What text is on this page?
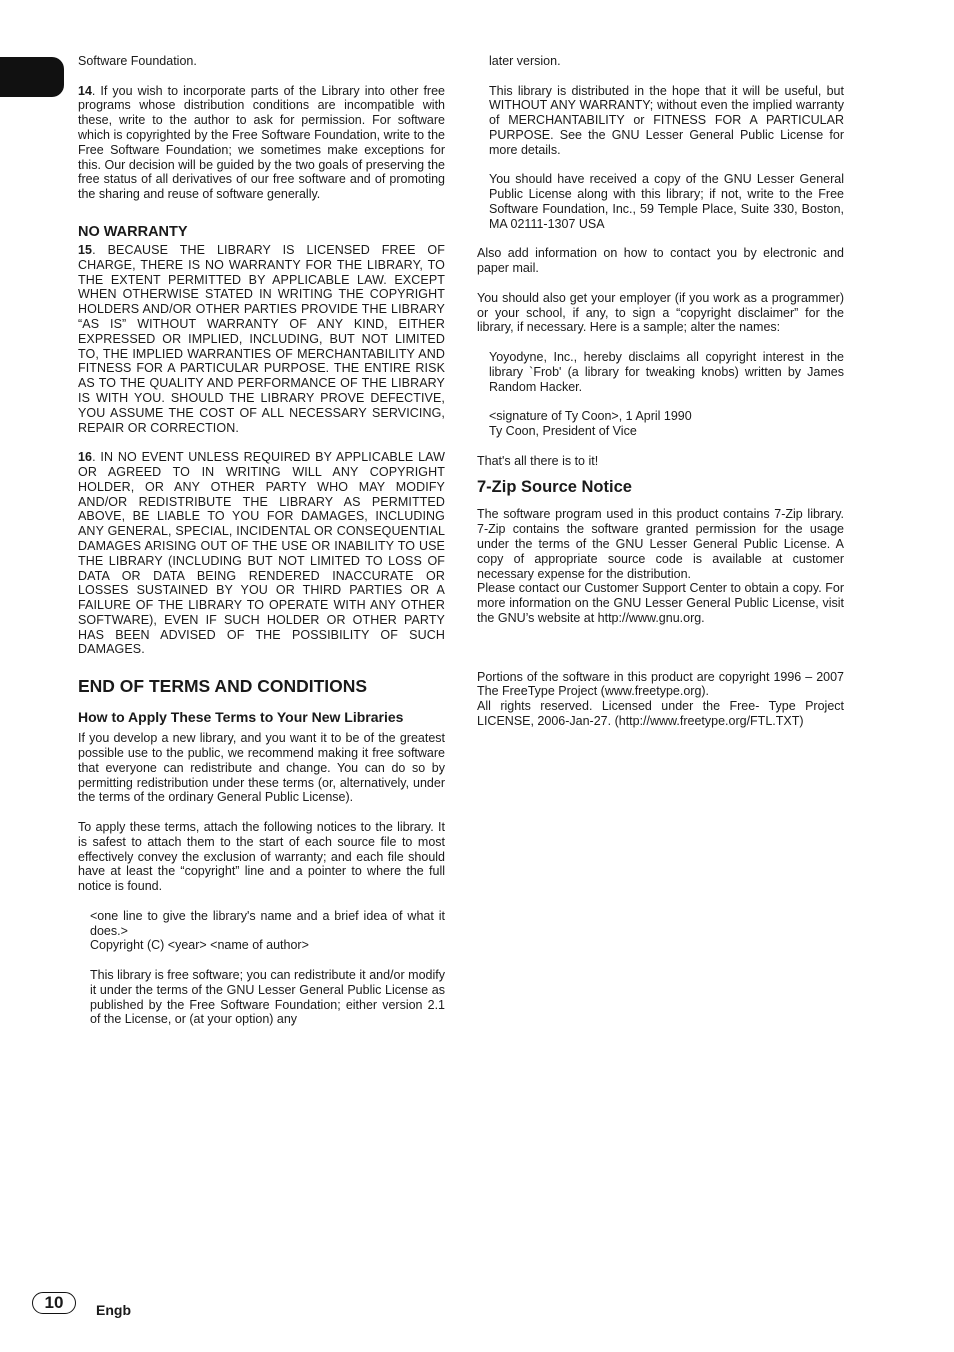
Software Foundation.

14. If you wish to incorporate parts of the Library into other free programs whose distribution conditions are incompatible with these, write to the author to ask for permission. For software which is copyrighted by the Free Software Foundation, write to the Free Software Foundation; we sometimes make exceptions for this. Our decision will be guided by the two goals of preserving the free status of all derivatives of our free software and of promoting the sharing and reuse of software generally.

NO WARRANTY

15. BECAUSE THE LIBRARY IS LICENSED FREE OF CHARGE, THERE IS NO WARRANTY FOR THE LIBRARY, TO THE EXTENT PERMITTED BY APPLICABLE LAW. EXCEPT WHEN OTHERWISE STATED IN WRITING THE COPYRIGHT HOLDERS AND/OR OTHER PARTIES PROVIDE THE LIBRARY “AS IS” WITHOUT WARRANTY OF ANY KIND, EITHER EXPRESSED OR IMPLIED, INCLUDING, BUT NOT LIMITED TO, THE IMPLIED WARRANTIES OF MERCHANTABILITY AND FITNESS FOR A PARTICULAR PURPOSE. THE ENTIRE RISK AS TO THE QUALITY AND PERFORMANCE OF THE LIBRARY IS WITH YOU. SHOULD THE LIBRARY PROVE DEFECTIVE, YOU ASSUME THE COST OF ALL NECESSARY SERVICING, REPAIR OR CORRECTION.

16. IN NO EVENT UNLESS REQUIRED BY APPLICABLE LAW OR AGREED TO IN WRITING WILL ANY COPYRIGHT HOLDER, OR ANY OTHER PARTY WHO MAY MODIFY AND/OR REDISTRIBUTE THE LIBRARY AS PERMITTED ABOVE, BE LIABLE TO YOU FOR DAMAGES, INCLUDING ANY GENERAL, SPECIAL, INCIDENTAL OR CONSEQUENTIAL DAMAGES ARISING OUT OF THE USE OR INABILITY TO USE THE LIBRARY (INCLUDING BUT NOT LIMITED TO LOSS OF DATA OR DATA BEING RENDERED INACCURATE OR LOSSES SUSTAINED BY YOU OR THIRD PARTIES OR A FAILURE OF THE LIBRARY TO OPERATE WITH ANY OTHER SOFTWARE), EVEN IF SUCH HOLDER OR OTHER PARTY HAS BEEN ADVISED OF THE POSSIBILITY OF SUCH DAMAGES.

END OF TERMS AND CONDITIONS
How to Apply These Terms to Your New Libraries

If you develop a new library, and you want it to be of the greatest possible use to the public, we recommend making it free software that everyone can redistribute and change. You can do so by permitting redistribution under these terms (or, alternatively, under the terms of the ordinary General Public License).

To apply these terms, attach the following notices to the library. It is safest to attach them to the start of each source file to most effectively convey the exclusion of warranty; and each file should have at least the “copyright” line and a pointer to where the full notice is found.

<one line to give the library's name and a brief idea of what it does.>

Copyright (C) <year> <name of author>

This library is free software; you can redistribute it and/or modify it under the terms of the GNU Lesser General Public License as published by the Free Software Foundation; either version 2.1 of the License, or (at your option) any

later version.

This library is distributed in the hope that it will be useful, but WITHOUT ANY WARRANTY; without even the implied warranty of MERCHANTABILITY or FITNESS FOR A PARTICULAR PURPOSE. See the GNU Lesser General Public License for more details.

You should have received a copy of the GNU Lesser General Public License along with this library; if not, write to the Free Software Foundation, Inc., 59 Temple Place, Suite 330, Boston, MA 02111-1307 USA

Also add information on how to contact you by electronic and paper mail.

You should also get your employer (if you work as a programmer) or your school, if any, to sign a “copyright disclaimer” for the library, if necessary. Here is a sample; alter the names:

Yoyodyne, Inc., hereby disclaims all copyright interest in the library `Frob' (a library for tweaking knobs) written by James Random Hacker.

<signature of Ty Coon>, 1 April 1990

Ty Coon, President of Vice

That's all there is to it!

7-Zip Source Notice

The software program used in this product contains 7-Zip library. 7-Zip contains the software granted permission for the usage under the terms of the GNU Lesser General Public License. A copy of appropriate source code is available at customer necessary expense for the distribution.

Please contact our Customer Support Center to obtain a copy. For more information on the GNU Lesser General Public License, visit the GNU’s website at http://www.gnu.org.

Portions of the software in this product are copyright 1996 – 2007 The FreeType Project (www.freetype.org).

All rights reserved. Licensed under the Free- Type Project LICENSE, 2006-Jan-27. (http://www.freetype.org/FTL.TXT)

10	Engb
